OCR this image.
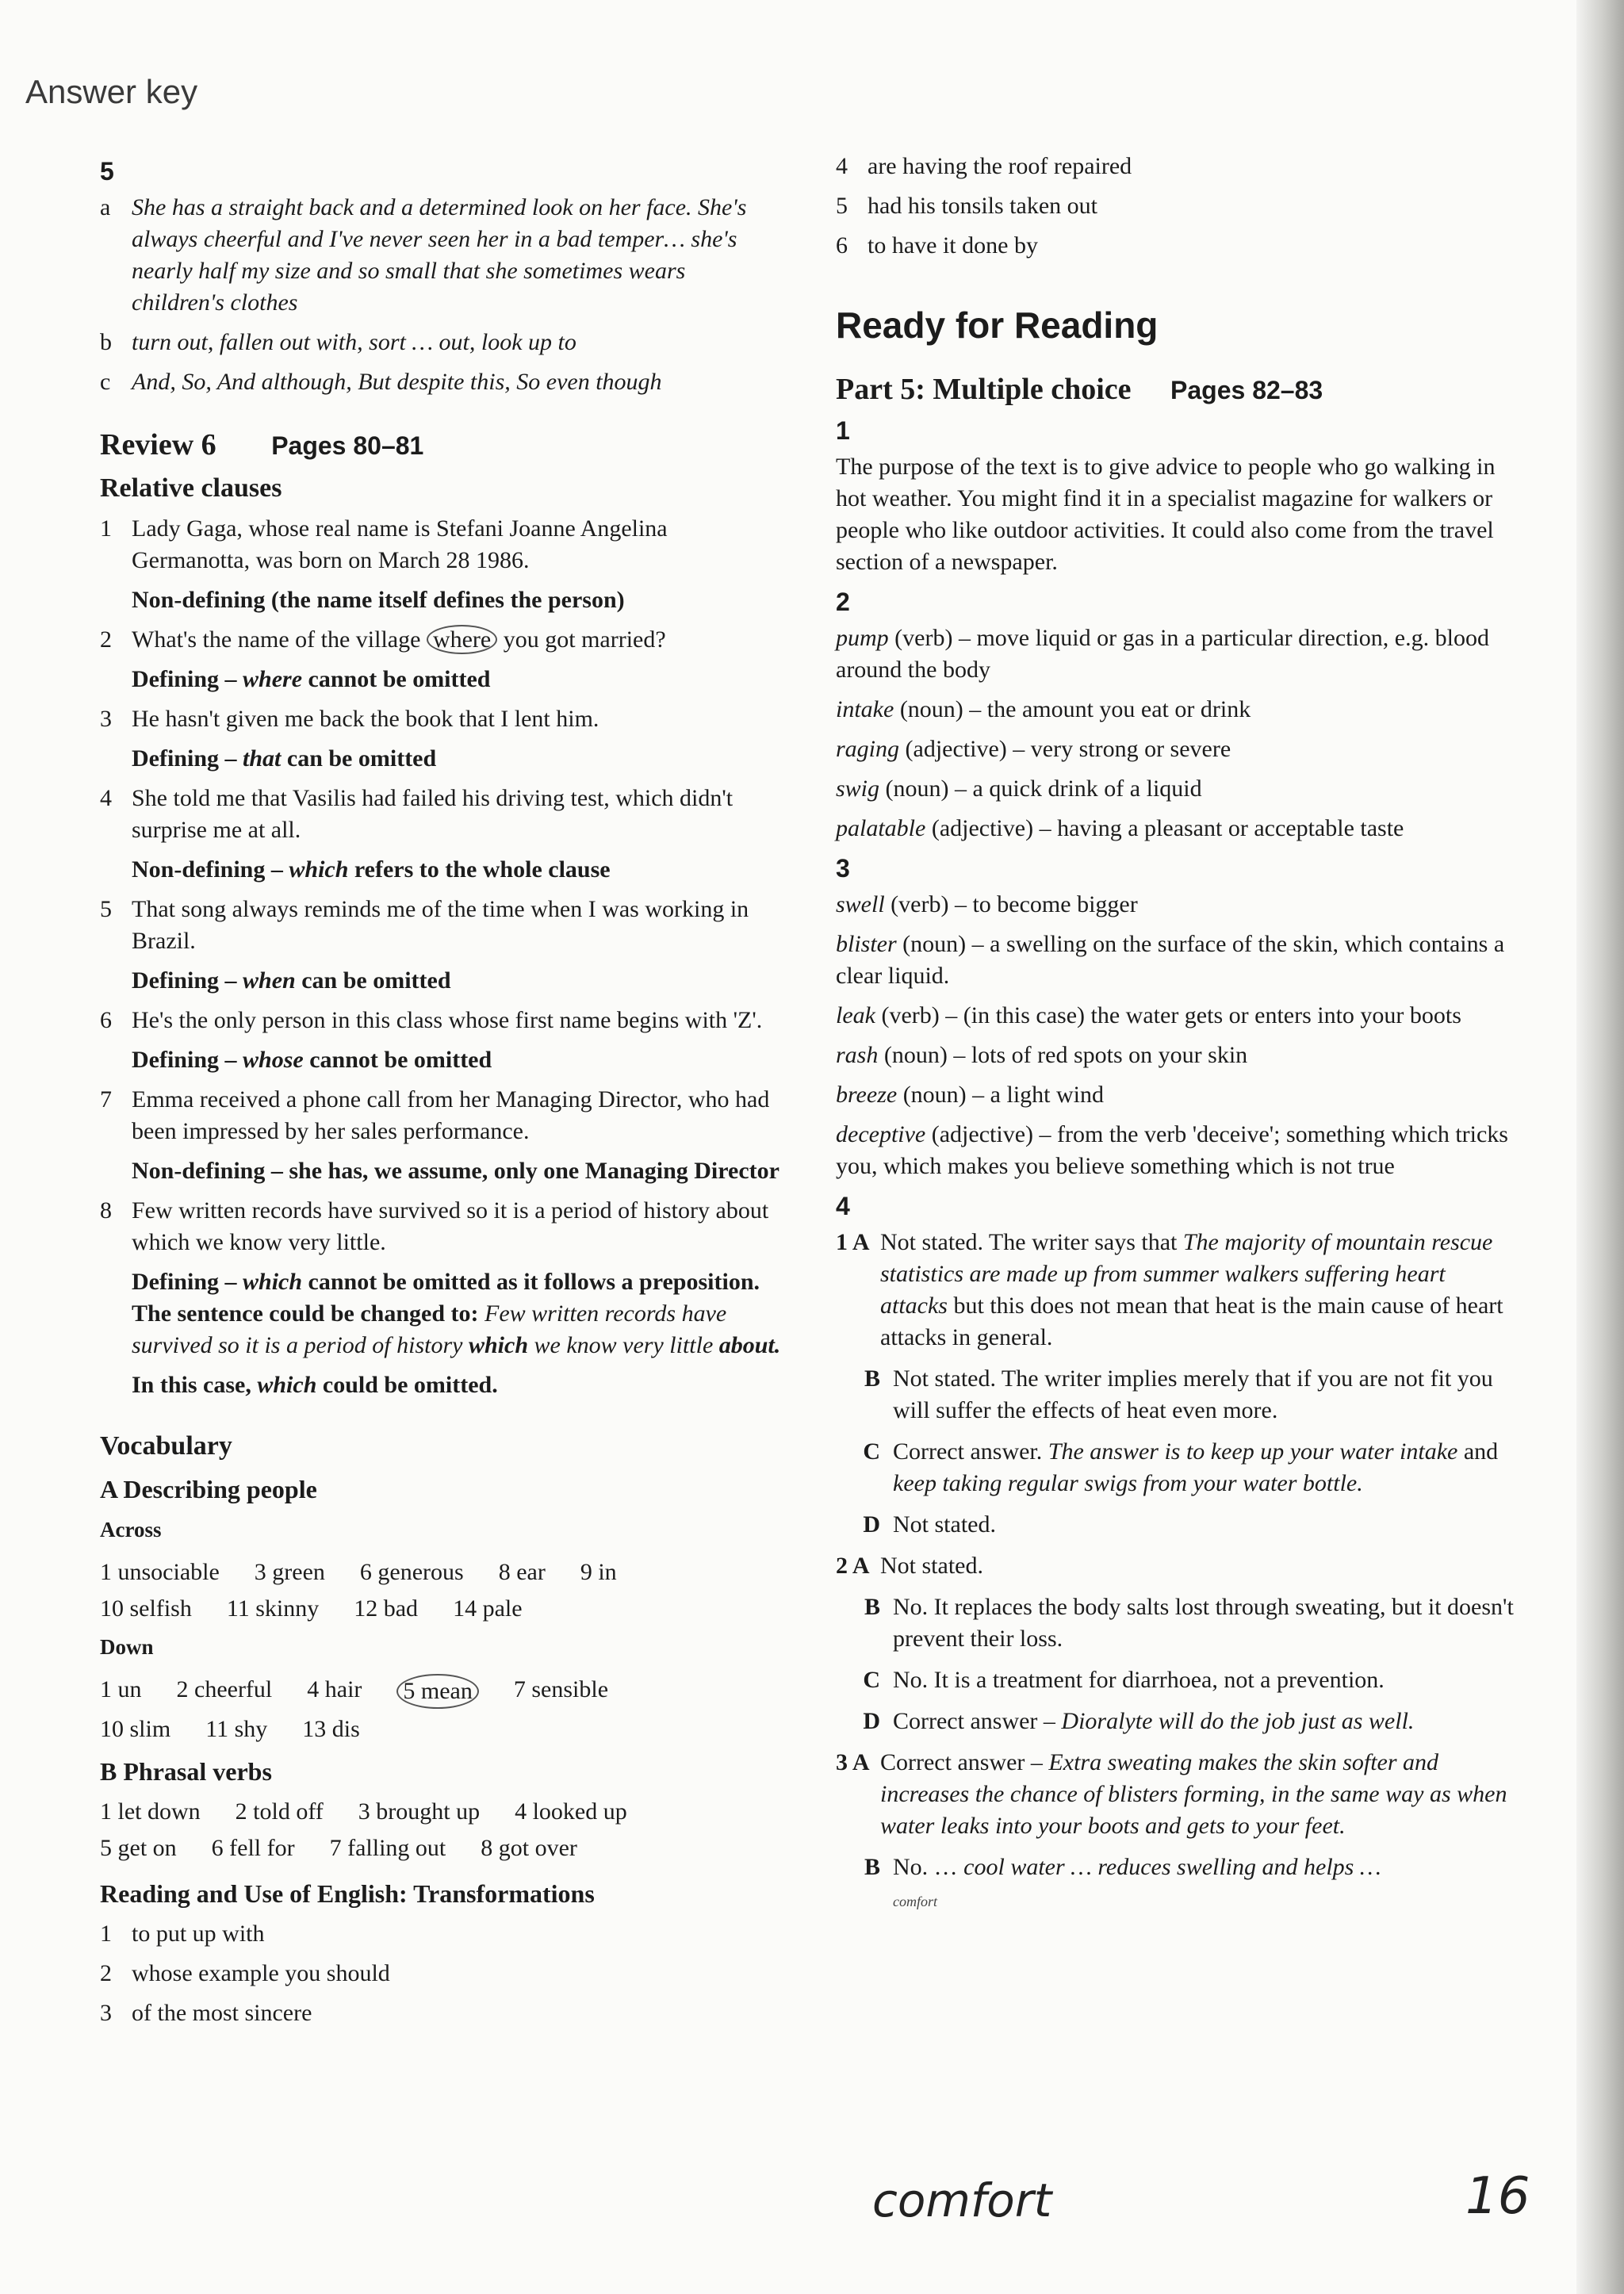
Answer key
5
a She has a straight back and a determined look on her face. She's always cheerful and I've never seen her in a bad temper… she's nearly half my size and so small that she sometimes wears children's clothes
b turn out, fallen out with, sort … out, look up to
c And, So, And although, But despite this, So even though
Review 6 Pages 80–81
Relative clauses
1 Lady Gaga, whose real name is Stefani Joanne Angelina Germanotta, was born on March 28 1986.
Non-defining (the name itself defines the person)
2 What's the name of the village where you got married?
Defining – where cannot be omitted
3 He hasn't given me back the book that I lent him.
Defining – that can be omitted
4 She told me that Vasilis had failed his driving test, which didn't surprise me at all.
Non-defining – which refers to the whole clause
5 That song always reminds me of the time when I was working in Brazil.
Defining – when can be omitted
6 He's the only person in this class whose first name begins with 'Z'.
Defining – whose cannot be omitted
7 Emma received a phone call from her Managing Director, who had been impressed by her sales performance.
Non-defining – she has, we assume, only one Managing Director
8 Few written records have survived so it is a period of history about which we know very little.
Defining – which cannot be omitted as it follows a preposition. The sentence could be changed to: Few written records have survived so it is a period of history which we know very little about.
In this case, which could be omitted.
Vocabulary
A Describing people
Across
1 unsociable 3 green 6 generous 8 ear 9 in
10 selfish 11 skinny 12 bad 14 pale
Down
1 un 2 cheerful 4 hair 5 mean 7 sensible
10 slim 11 shy 13 dis
B Phrasal verbs
1 let down 2 told off 3 brought up 4 looked up
5 get on 6 fell for 7 falling out 8 got over
Reading and Use of English: Transformations
1 to put up with
2 whose example you should
3 of the most sincere
4 are having the roof repaired
5 had his tonsils taken out
6 to have it done by
Ready for Reading
Part 5: Multiple choice Pages 82–83
1

The purpose of the text is to give advice to people who go walking in hot weather. You might find it in a specialist magazine for walkers or people who like outdoor activities. It could also come from the travel section of a newspaper.

2

pump (verb) – move liquid or gas in a particular direction, e.g. blood around the body

intake (noun) – the amount you eat or drink

raging (adjective) – very strong or severe

swig (noun) – a quick drink of a liquid

palatable (adjective) – having a pleasant or acceptable taste

3

swell (verb) – to become bigger

blister (noun) – a swelling on the surface of the skin, which contains a clear liquid.

leak (verb) – (in this case) the water gets or enters into your boots

rash (noun) – lots of red spots on your skin

breeze (noun) – a light wind

deceptive (adjective) – from the verb 'deceive'; something which tricks you, which makes you believe something which is not true

4
1 A Not stated. The writer says that The majority of mountain rescue statistics are made up from summer walkers suffering heart attacks but this does not mean that heat is the main cause of heart attacks in general.
B Not stated. The writer implies merely that if you are not fit you will suffer the effects of heat even more.
C Correct answer. The answer is to keep up your water intake and keep taking regular swigs from your water bottle.
D Not stated.
2 A Not stated.
B No. It replaces the body salts lost through sweating, but it doesn't prevent their loss.
C No. It is a treatment for diarrhoea, not a prevention.
D Correct answer – Dioralyte will do the job just as well.
3 A Correct answer – Extra sweating makes the skin softer and increases the chance of blisters forming, in the same way as when water leaks into your boots and gets to your feet.
B No. … cool water … reduces swelling and helps …
comfort
comfort	16
